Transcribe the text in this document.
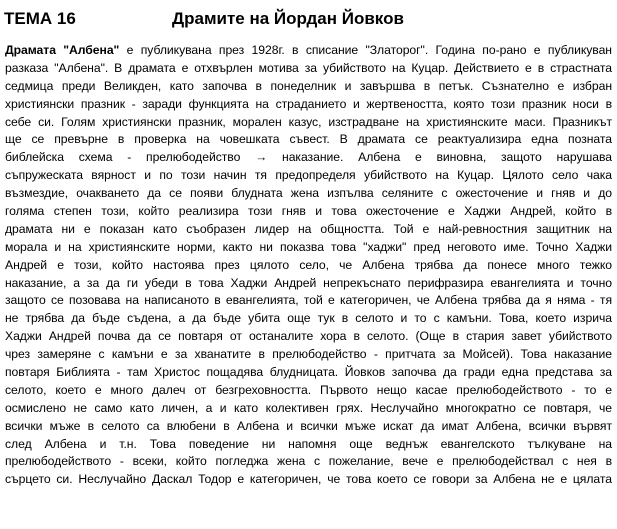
ТЕМА 16	Драмите на Йордан Йовков
Драмата "Албена" е публикувана през 1928г. в списание "Златорог". Година по-рано е публикуван
разказа "Албена". В драмата е отхвърлен мотива за убийството на Куцар. Действието е в страстната
седмица преди Великден, като започва в понеделник и завършва в петък. Съзнателно е избран
християнски празник - заради функцията на страданието и жертвеността, която този празник носи в
себе си. Голям християнски празник, морален казус, изстрадване на християнските маси. Празникът
ще се превърне в проверка на човешката съвест. В драмата се реактуализира една позната
библейска схема - прелюбодейство → наказание. Албена е виновна, защото нарушава
съпружеската вярност и по този начин тя предопределя убийството на Куцар. Цялото село чака
възмездие, очакването да се появи блудната жена изпълва селяните с ожесточение и гняв и до
голяма степен този, който реализира този гняв и това ожесточение е Хаджи Андрей, който в
драмата ни е показан като съобразен лидер на общността. Той е най-ревностния защитник на
морала и на християнските норми, както ни показва това "хаджи" пред неговото име. Точно Хаджи
Андрей е този, който настоява през цялото село, че Албена трябва да понесе много тежко
наказание, а за да ги убеди в това Хаджи Андрей непрекъснато перифразира евангелията и точно
защото се позовава на написаното в евангелията, той е категоричен, че Албена трябва да я няма - тя
не трябва да бъде съдена, а да бъде убита още тук в селото и то с камъни. Това, което изрича
Хаджи Андрей почва да се повтаря от останалите хора в селото. (Още в стария завет убийството
чрез замеряне с камъни е за хванатите в прелюбодейство - притчата за Мойсей). Това наказание
повтаря Библията - там Христос пощадява блудницата. Йовков започва да гради една представа за
селото, което е много далеч от безгреховността. Първото нещо касае прелюбодейството - то е
осмислено не само като личен, а и като колективен грях. Неслучайно многократно се повтаря, че
всички мъже в селото са влюбени в Албена и всички мъже искат да имат Албена, всички вървят
след Албена и т.н. Това поведение ни напомня още веднъж евангелското тълкуване на
прелюбодейството - всеки, който погледжа жена с пожелание, вече е прелюбодействал с нея в
сърцето си. Неслучайно Даскал Тодор е категоричен, че това което се говори за Албена не е цялата
